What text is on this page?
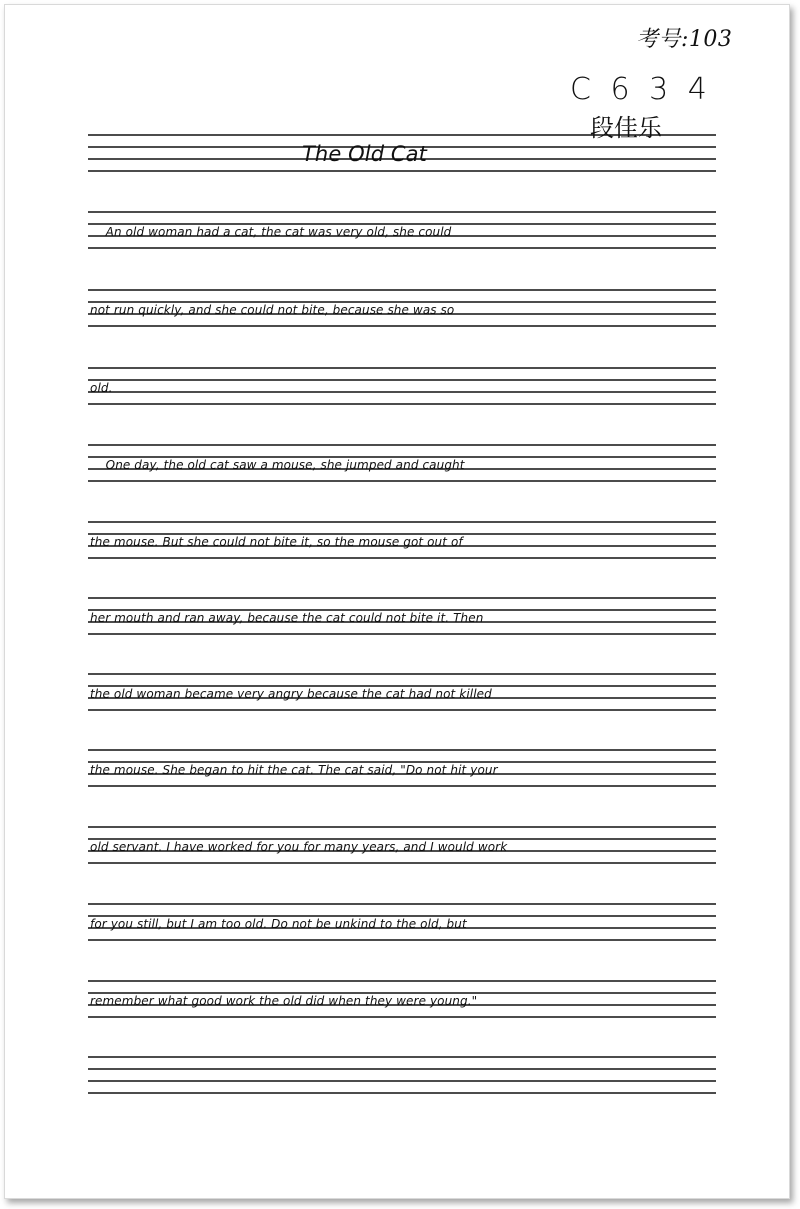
考号:103
C 6 3 4
段佳乐
The Old Cat
An old woman had a cat, the cat was very old, she could
not run quickly, and she could not bite, because she was so
old.
One day, the old cat saw a mouse, she jumped and caught
the mouse. But she could not bite it, so the mouse got out of
her mouth and ran away, because the cat could not bite it. Then
the old woman became very angry because the cat had not killed
the mouse. She began to hit the cat. The cat said, "Do not hit your
old servant. I have worked for you for many years, and I would work
for you still, but I am too old. Do not be unkind to the old, but
remember what good work the old did when they were young."
